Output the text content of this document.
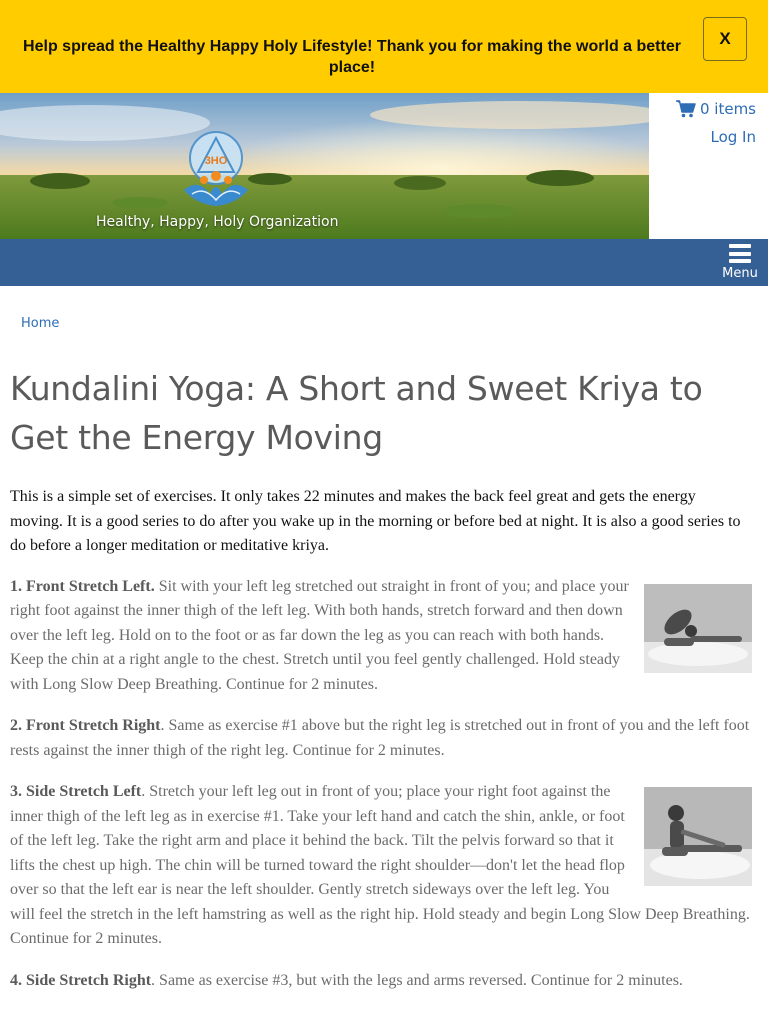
Help spread the Healthy Happy Holy Lifestyle! Thank you for making the world a better place!
X
3HO
Healthy, Happy, Holy Organization
0 items
Log In
Menu
Home
Kundalini Yoga: A Short and Sweet Kriya to Get the Energy Moving

This is a simple set of exercises. It only takes 22 minutes and makes the back feel great and gets the energy moving. It is a good series to do after you wake up in the morning or before bed at night. It is also a good series to do before a longer meditation or meditative kriya.

1. Front Stretch Left. Sit with your left leg stretched out straight in front of you; and place your right foot against the inner thigh of the left leg. With both hands, stretch forward and then down over the left leg. Hold on to the foot or as far down the leg as you can reach with both hands. Keep the chin at a right angle to the chest. Stretch until you feel gently challenged. Hold steady with Long Slow Deep Breathing. Continue for 2 minutes.

2. Front Stretch Right. Same as exercise #1 above but the right leg is stretched out in front of you and the left foot rests against the inner thigh of the right leg. Continue for 2 minutes.

3. Side Stretch Left. Stretch your left leg out in front of you; place your right foot against the inner thigh of the left leg as in exercise #1. Take your left hand and catch the shin, ankle, or foot of the left leg. Take the right arm and place it behind the back. Tilt the pelvis forward so that it lifts the chest up high. The chin will be turned toward the right shoulder—don't let the head flop over so that the left ear is near the left shoulder. Gently stretch sideways over the left leg. You will feel the stretch in the left hamstring as well as the right hip. Hold steady and begin Long Slow Deep Breathing. Continue for 2 minutes.

4. Side Stretch Right. Same as exercise #3, but with the legs and arms reversed. Continue for 2 minutes.
